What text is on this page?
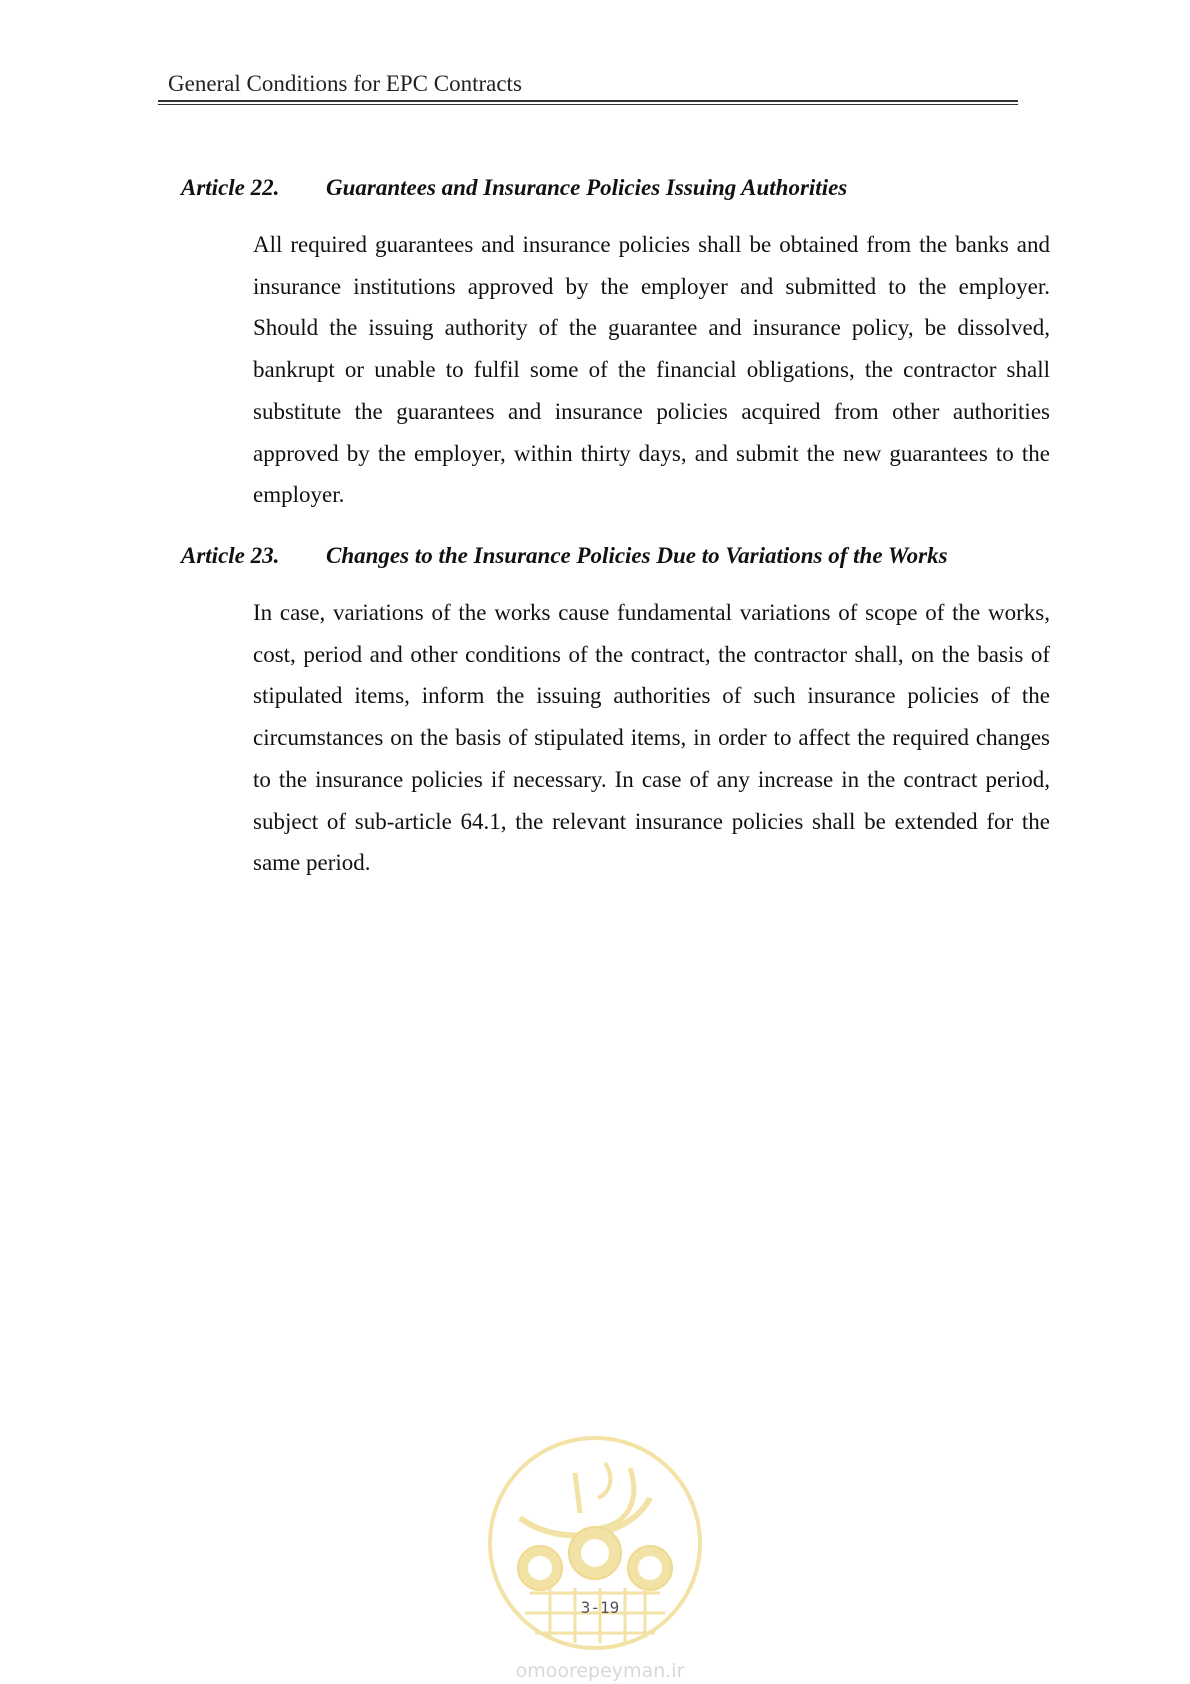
General Conditions for EPC Contracts
Article 22. Guarantees and Insurance Policies Issuing Authorities

All required guarantees and insurance policies shall be obtained from the banks and insurance institutions approved by the employer and submitted to the employer. Should the issuing authority of the guarantee and insurance policy, be dissolved, bankrupt or unable to fulfil some of the financial obligations, the contractor shall substitute the guarantees and insurance policies acquired from other authorities approved by the employer, within thirty days, and submit the new guarantees to the employer.

Article 23. Changes to the Insurance Policies Due to Variations of the Works

In case, variations of the works cause fundamental variations of scope of the works, cost, period and other conditions of the contract, the contractor shall, on the basis of stipulated items, inform the issuing authorities of such insurance policies of the circumstances on the basis of stipulated items, in order to affect the required changes to the insurance policies if necessary. In case of any increase in the contract period, subject of sub-article 64.1, the relevant insurance policies shall be extended for the same period.

3-19
omoorepeyman.ir
